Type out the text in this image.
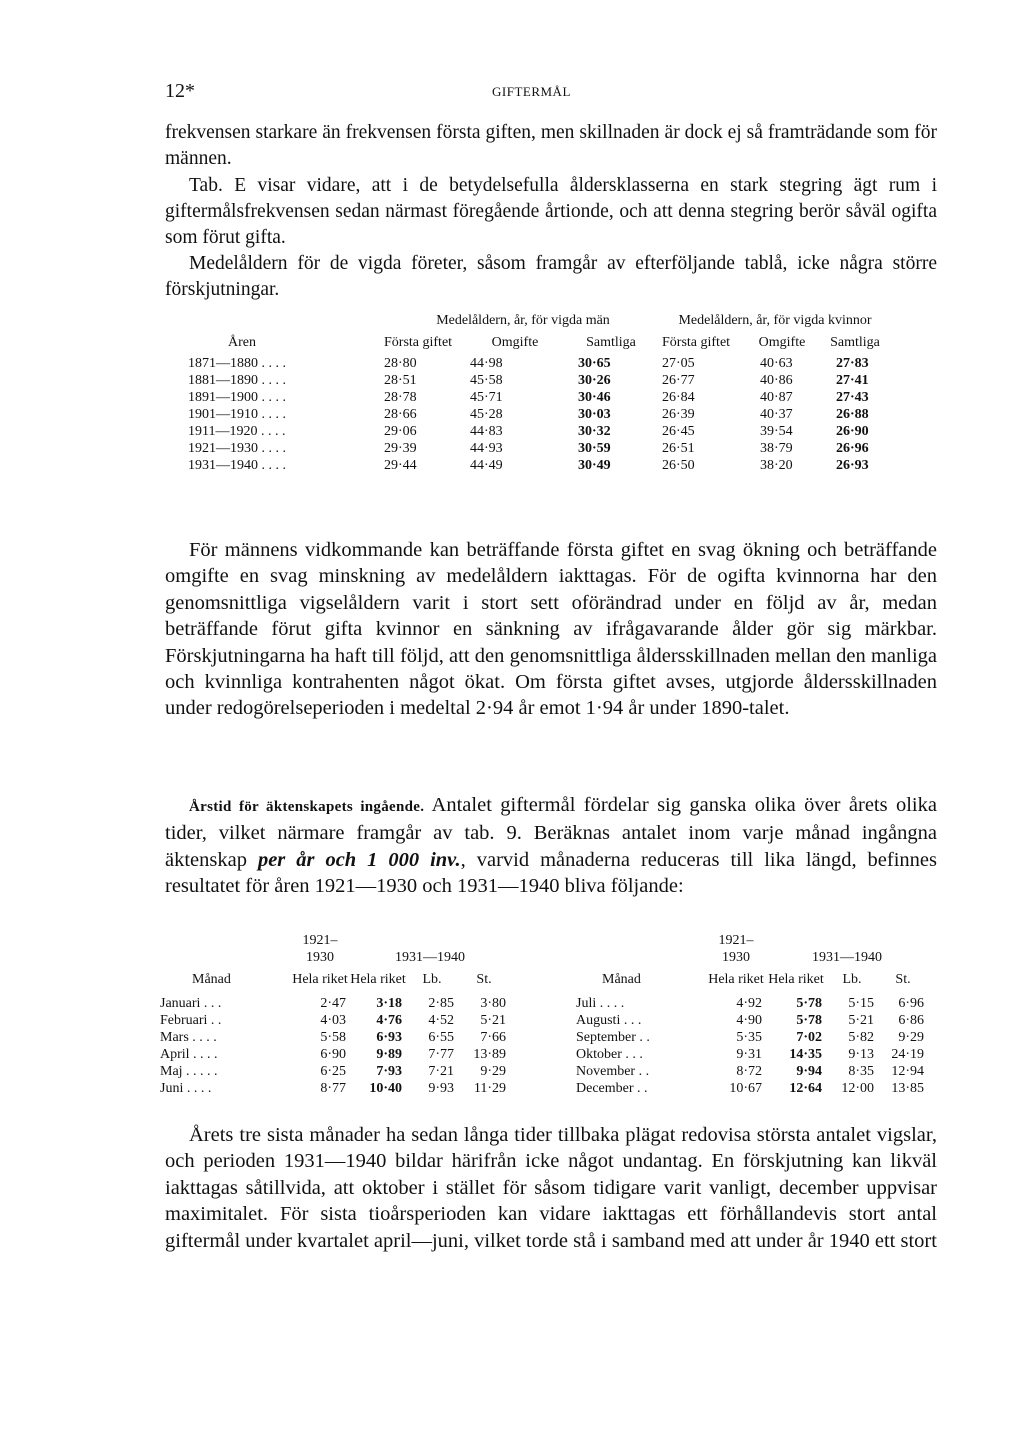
12*	GIFTERMÅL

frekvensen starkare än frekvensen första giften, men skillnaden är dock ej så framträdande som för männen.

Tab. E visar vidare, att i de betydelsefulla åldersklasserna en stark stegring ägt rum i giftermålsfrekvensen sedan närmast föregående årtionde, och att denna stegring berör såväl ogifta som förut gifta.

Medelåldern för de vigda företer, såsom framgår av efterföljande tablå, icke några större förskjutningar.

	Medelåldern, år, för vigda män			Medelåldern, år, för vigda kvinnor		
Åren	Första giftet	Omgifte	Samtliga	Första giftet	Omgifte	Samtliga
1871—1880 . . . .	28·80	44·98	30·65	27·05	40·63	27·83
1881—1890 . . . .	28·51	45·58	30·26	26·77	40·86	27·41
1891—1900 . . . .	28·78	45·71	30·46	26·84	40·87	27·43
1901—1910 . . . .	28·66	45·28	30·03	26·39	40·37	26·88
1911—1920 . . . .	29·06	44·83	30·32	26·45	39·54	26·90
1921—1930 . . . .	29·39	44·93	30·59	26·51	38·79	26·96
1931—1940 . . . .	29·44	44·49	30·49	26·50	38·20	26·93

För männens vidkommande kan beträffande första giftet en svag ökning och beträffande omgifte en svag minskning av medelåldern iakttagas. För de ogifta kvinnorna har den genomsnittliga vigselåldern varit i stort sett oförändrad under en följd av år, medan beträffande förut gifta kvinnor en sänkning av ifrågavarande ålder gör sig märkbar. Förskjutningarna ha haft till följd, att den genomsnittliga åldersskillnaden mellan den manliga och kvinnliga kontrahenten något ökat. Om första giftet avses, utgjorde åldersskillnaden under redogörelseperioden i medeltal 2·94 år emot 1·94 år under 1890-talet.

Årstid för äktenskapets ingående. Antalet giftermål fördelar sig ganska olika över årets olika tider, vilket närmare framgår av tab. 9. Beräknas antalet inom varje månad ingångna äktenskap per år och 1 000 inv., varvid månaderna reduceras till lika längd, befinnes resultatet för åren 1921—1930 och 1931—1940 bliva följande:

	1921–1930	1931—1940		
Månad	Hela riket	Hela riket	Lb.	St.
Januari . . .	2·47	3·18	2·85	3·80
Februari . .	4·03	4·76	4·52	5·21
Mars . . . .	5·58	6·93	6·55	7·66
April . . . .	6·90	9·89	7·77	13·89
Maj . . . . .	6·25	7·93	7·21	9·29
Juni . . . .	8·77	10·40	9·93	11·29
	1921–1930	1931—1940		
Månad	Hela riket	Hela riket	Lb.	St.
Juli . . . .	4·92	5·78	5·15	6·96
Augusti . . .	4·90	5·78	5·21	6·86
September . .	5·35	7·02	5·82	9·29
Oktober . . .	9·31	14·35	9·13	24·19
November . .	8·72	9·94	8·35	12·94
December . .	10·67	12·64	12·00	13·85

Årets tre sista månader ha sedan långa tider tillbaka plägat redovisa största antalet vigslar, och perioden 1931—1940 bildar härifrån icke något undantag. En förskjutning kan likväl iakttagas såtillvida, att oktober i stället för såsom tidigare varit vanligt, december uppvisar maximitalet. För sista tioårsperioden kan vidare iakttagas ett förhållandevis stort antal giftermål under kvartalet april—juni, vilket torde stå i samband med att under år 1940 ett stort
